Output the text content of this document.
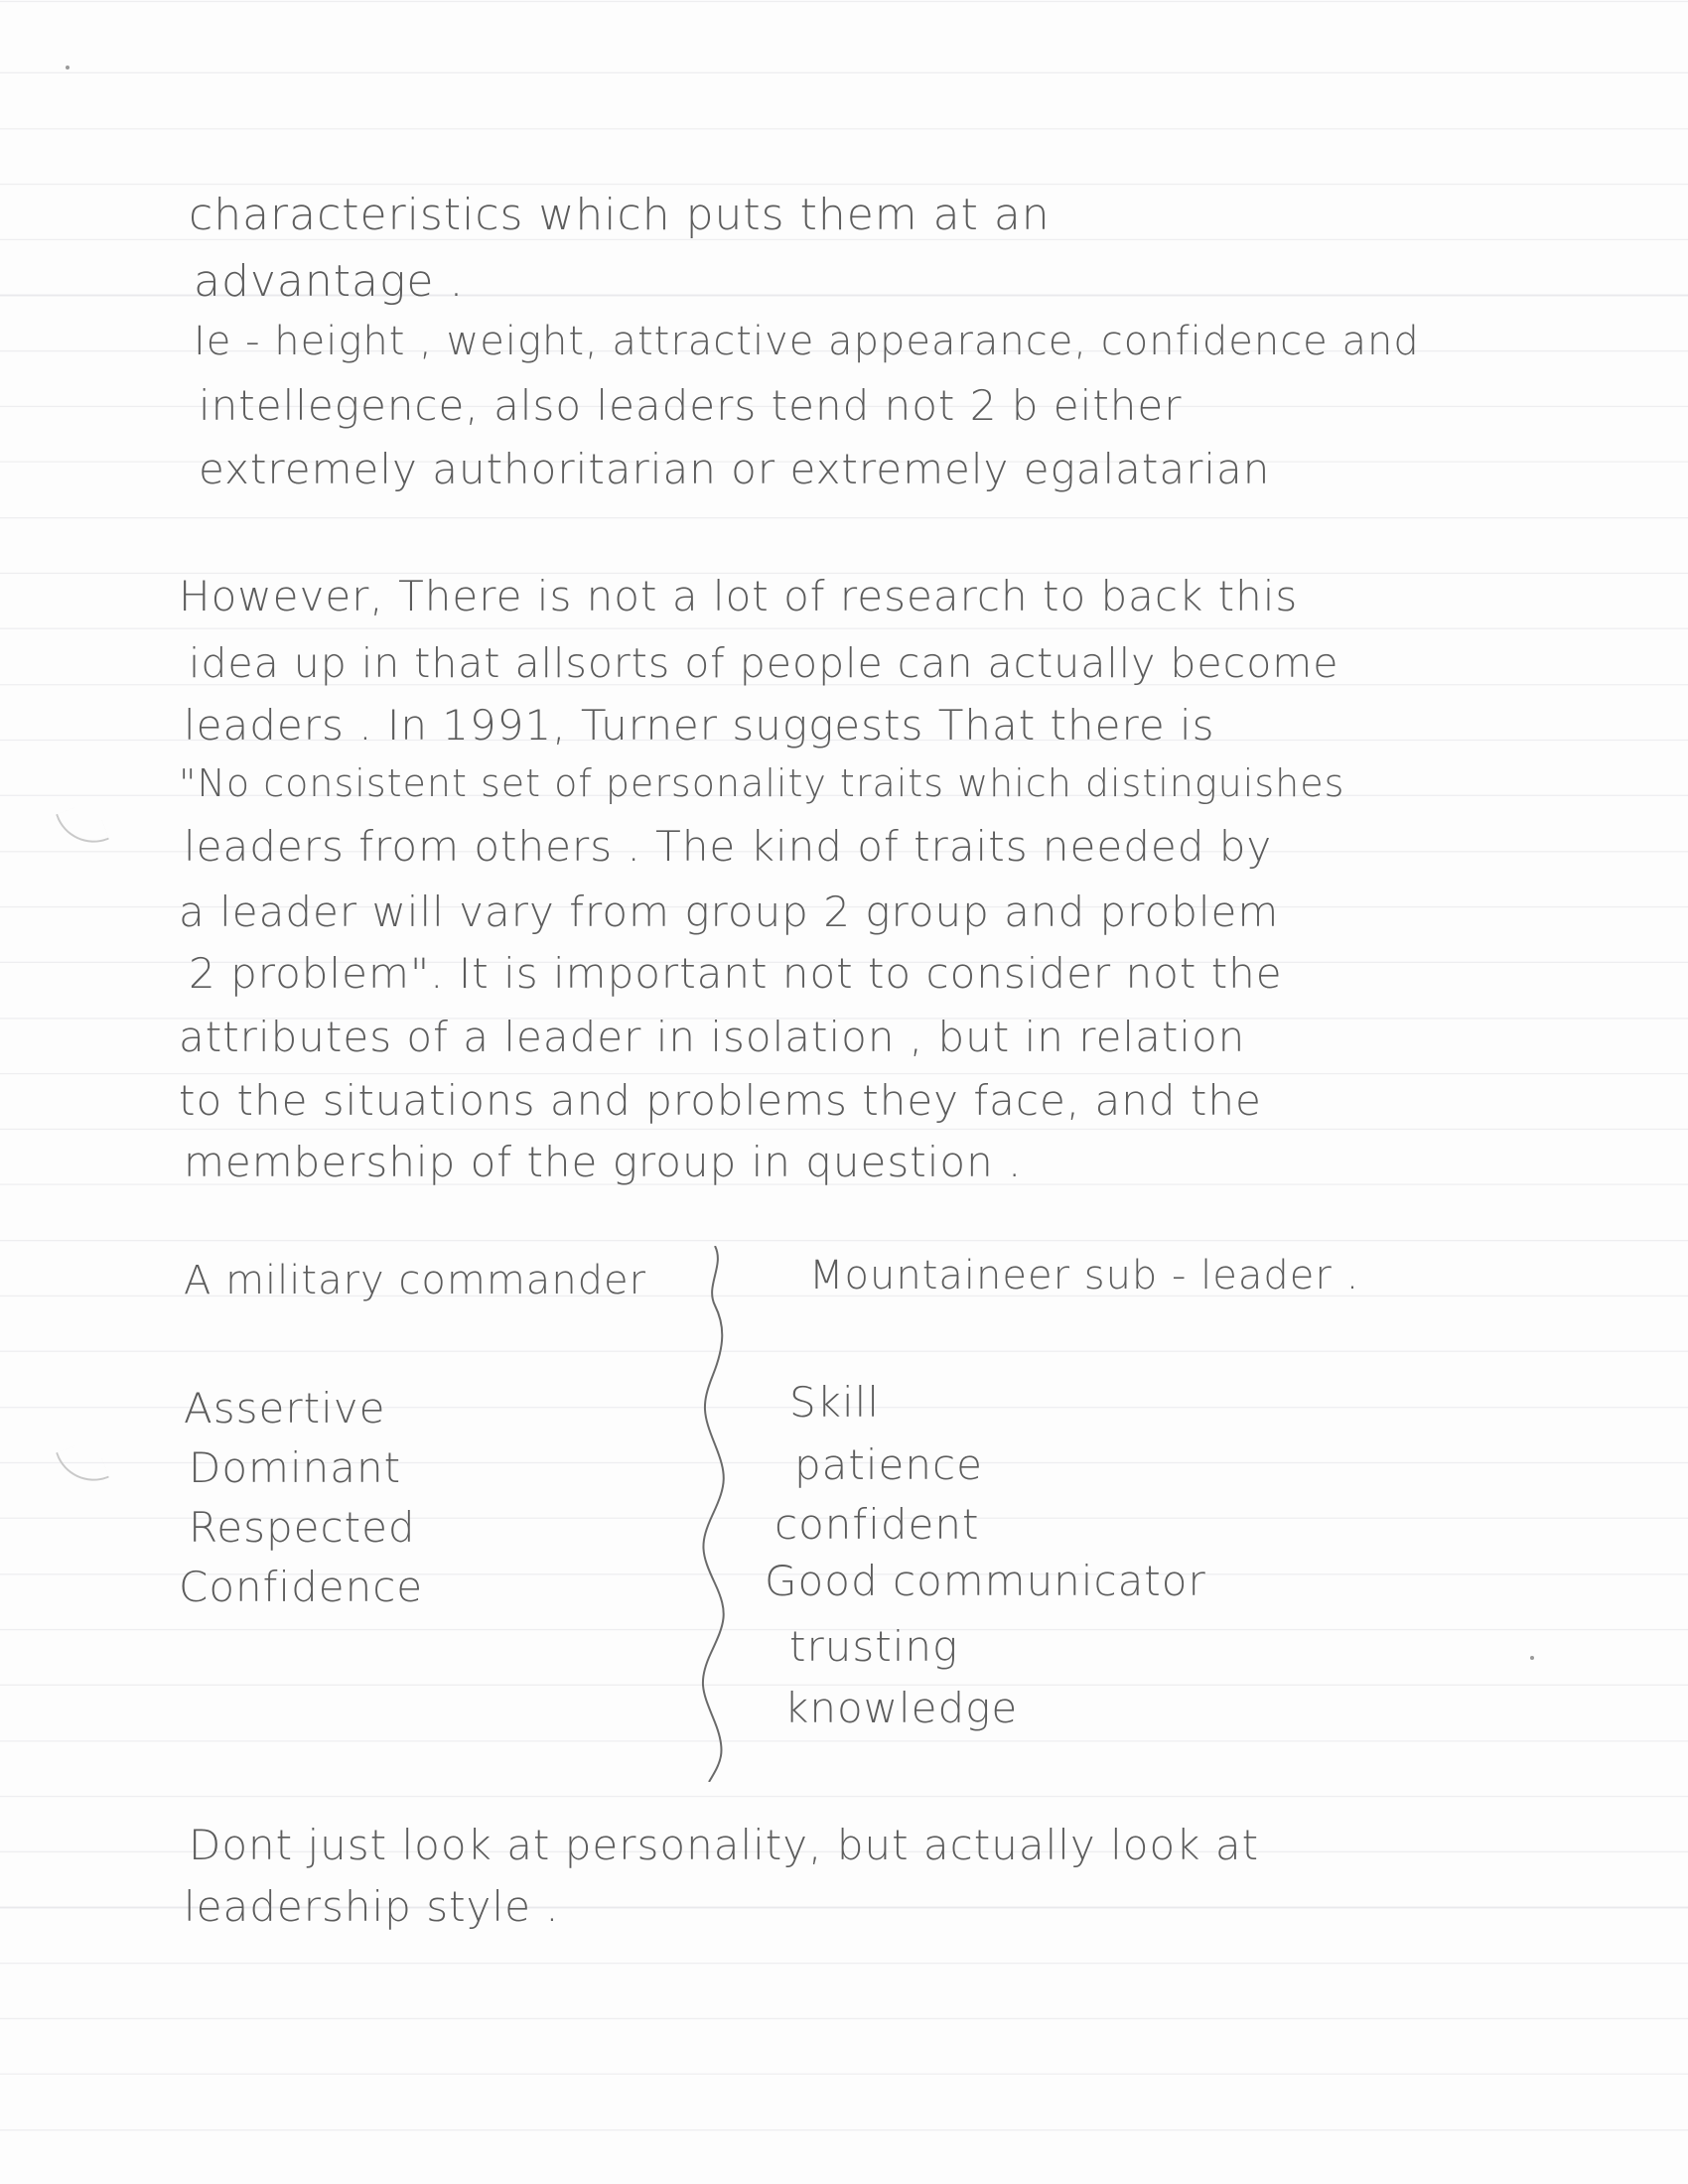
characteristics which puts them at an
advantage .
Ie - height , weight, attractive appearance, confidence and
intellegence, also leaders tend not 2 b either
extremely authoritarian or extremely egalatarian
However, There is not a lot of research to back this
idea up in that allsorts of people can actually become
leaders . In 1991, Turner suggests That there is
"No consistent set of personality traits which distinguishes
leaders from others . The kind of traits needed by
a leader will vary from group 2 group and problem
2 problem". It is important not to consider not the
attributes of a leader in isolation , but in relation
to the situations and problems they face, and the
membership of the group in question .
A military commander	Mountaineer sub - leader .
Assertive
Dominant
Respected
Confidence
Skill
patience
confident
Good communicator
trusting
knowledge
Dont just look at personality, but actually look at
leadership style .
